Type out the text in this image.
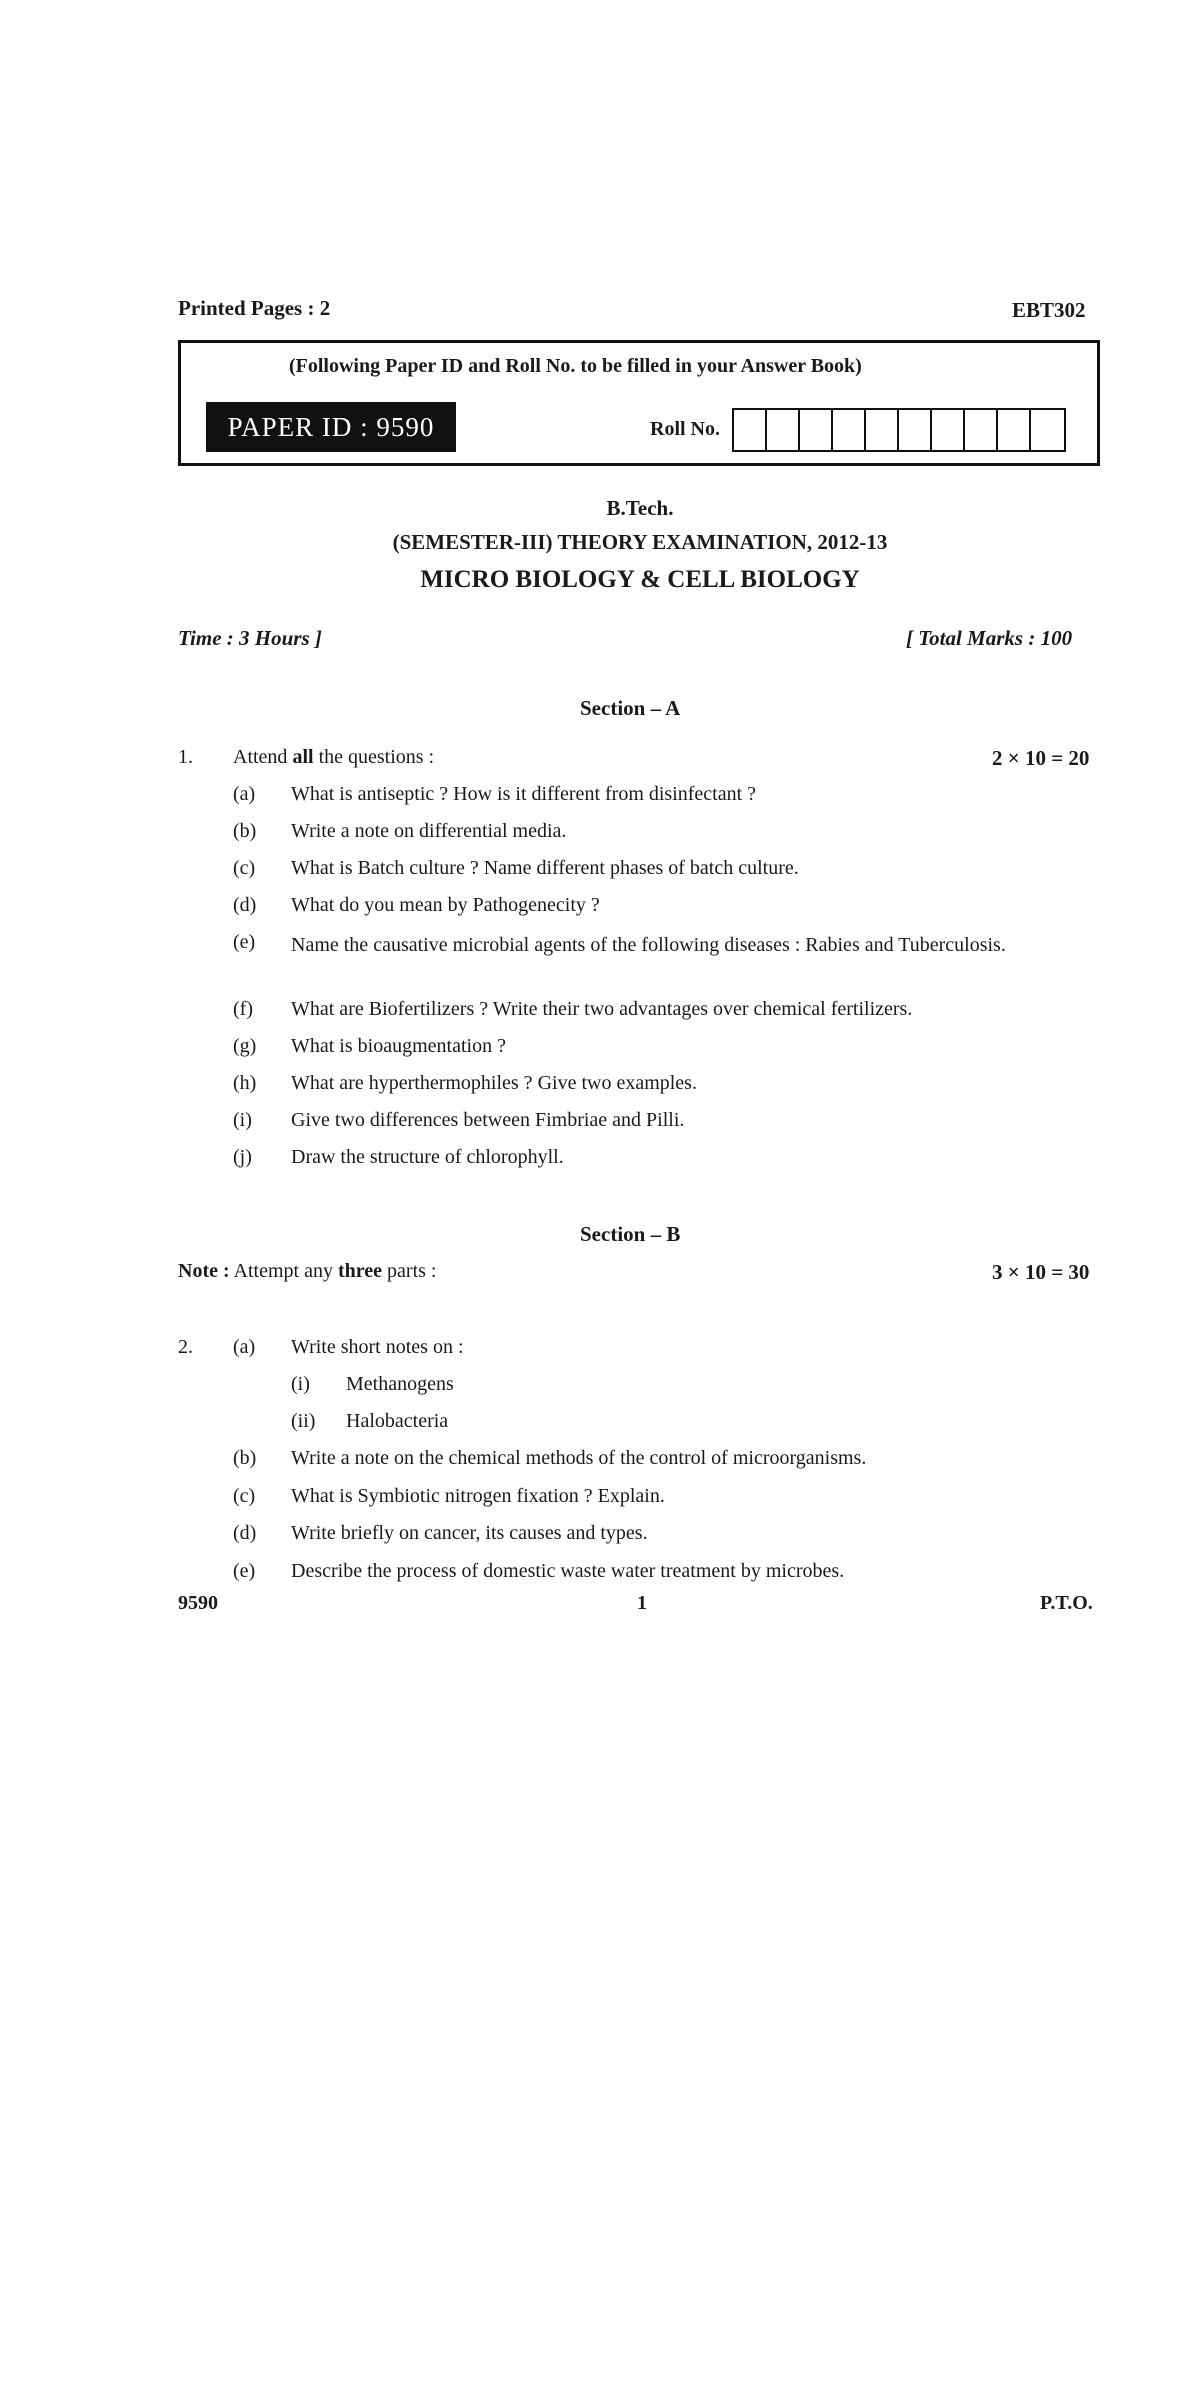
Printed Pages : 2	EBT302
(Following Paper ID and Roll No. to be filled in your Answer Book)
PAPER ID : 9590	Roll No.
B.Tech.
(SEMESTER-III) THEORY EXAMINATION, 2012-13
MICRO BIOLOGY & CELL BIOLOGY
Time : 3 Hours ]	[ Total Marks : 100
Section – A
1. Attend all the questions :	2 × 10 = 20
(a) What is antiseptic ? How is it different from disinfectant ?
(b) Write a note on differential media.
(c) What is Batch culture ? Name different phases of batch culture.
(d) What do you mean by Pathogenecity ?
(e) Name the causative microbial agents of the following diseases : Rabies and Tuberculosis.
(f) What are Biofertilizers ? Write their two advantages over chemical fertilizers.
(g) What is bioaugmentation ?
(h) What are hyperthermophiles ? Give two examples.
(i) Give two differences between Fimbriae and Pilli.
(j) Draw the structure of chlorophyll.
Section – B
Note : Attempt any three parts :	3 × 10 = 30
2. (a) Write short notes on :
(i) Methanogens
(ii) Halobacteria
(b) Write a note on the chemical methods of the control of microorganisms.
(c) What is Symbiotic nitrogen fixation ? Explain.
(d) Write briefly on cancer, its causes and types.
(e) Describe the process of domestic waste water treatment by microbes.
9590	1	P.T.O.
